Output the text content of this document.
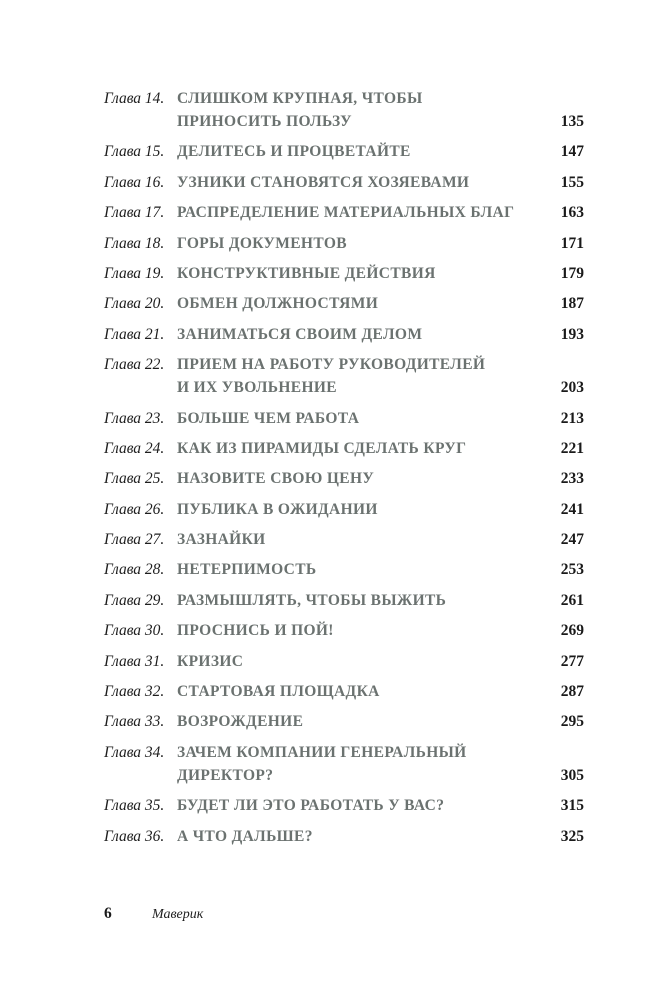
Глава 14. СЛИШКОМ КРУПНАЯ, ЧТОБЫ
ПРИНОСИТЬ ПОЛЬЗУ	135
Глава 15. ДЕЛИТЕСЬ И ПРОЦВЕТАЙТЕ	147
Глава 16. УЗНИКИ СТАНОВЯТСЯ ХОЗЯЕВАМИ	155
Глава 17. РАСПРЕДЕЛЕНИЕ МАТЕРИАЛЬНЫХ БЛАГ	163
Глава 18. ГОРЫ ДОКУМЕНТОВ	171
Глава 19. КОНСТРУКТИВНЫЕ ДЕЙСТВИЯ	179
Глава 20. ОБМЕН ДОЛЖНОСТЯМИ	187
Глава 21. ЗАНИМАТЬСЯ СВОИМ ДЕЛОМ	193
Глава 22. ПРИЕМ НА РАБОТУ РУКОВОДИТЕЛЕЙ
И ИХ УВОЛЬНЕНИЕ	203
Глава 23. БОЛЬШЕ ЧЕМ РАБОТА	213
Глава 24. КАК ИЗ ПИРАМИДЫ СДЕЛАТЬ КРУГ	221
Глава 25. НАЗОВИТЕ СВОЮ ЦЕНУ	233
Глава 26. ПУБЛИКА В ОЖИДАНИИ	241
Глава 27. ЗАЗНАЙКИ	247
Глава 28. НЕТЕРПИМОСТЬ	253
Глава 29. РАЗМЫШЛЯТЬ, ЧТОБЫ ВЫЖИТЬ	261
Глава 30. ПРОСНИСЬ И ПОЙ!	269
Глава 31. КРИЗИС	277
Глава 32. СТАРТОВАЯ ПЛОЩАДКА	287
Глава 33. ВОЗРОЖДЕНИЕ	295
Глава 34. ЗАЧЕМ КОМПАНИИ ГЕНЕРАЛЬНЫЙ
ДИРЕКТОР?	305
Глава 35. БУДЕТ ЛИ ЭТО РАБОТАТЬ У ВАС?	315
Глава 36. А ЧТО ДАЛЬШЕ?	325
6	Маверик
